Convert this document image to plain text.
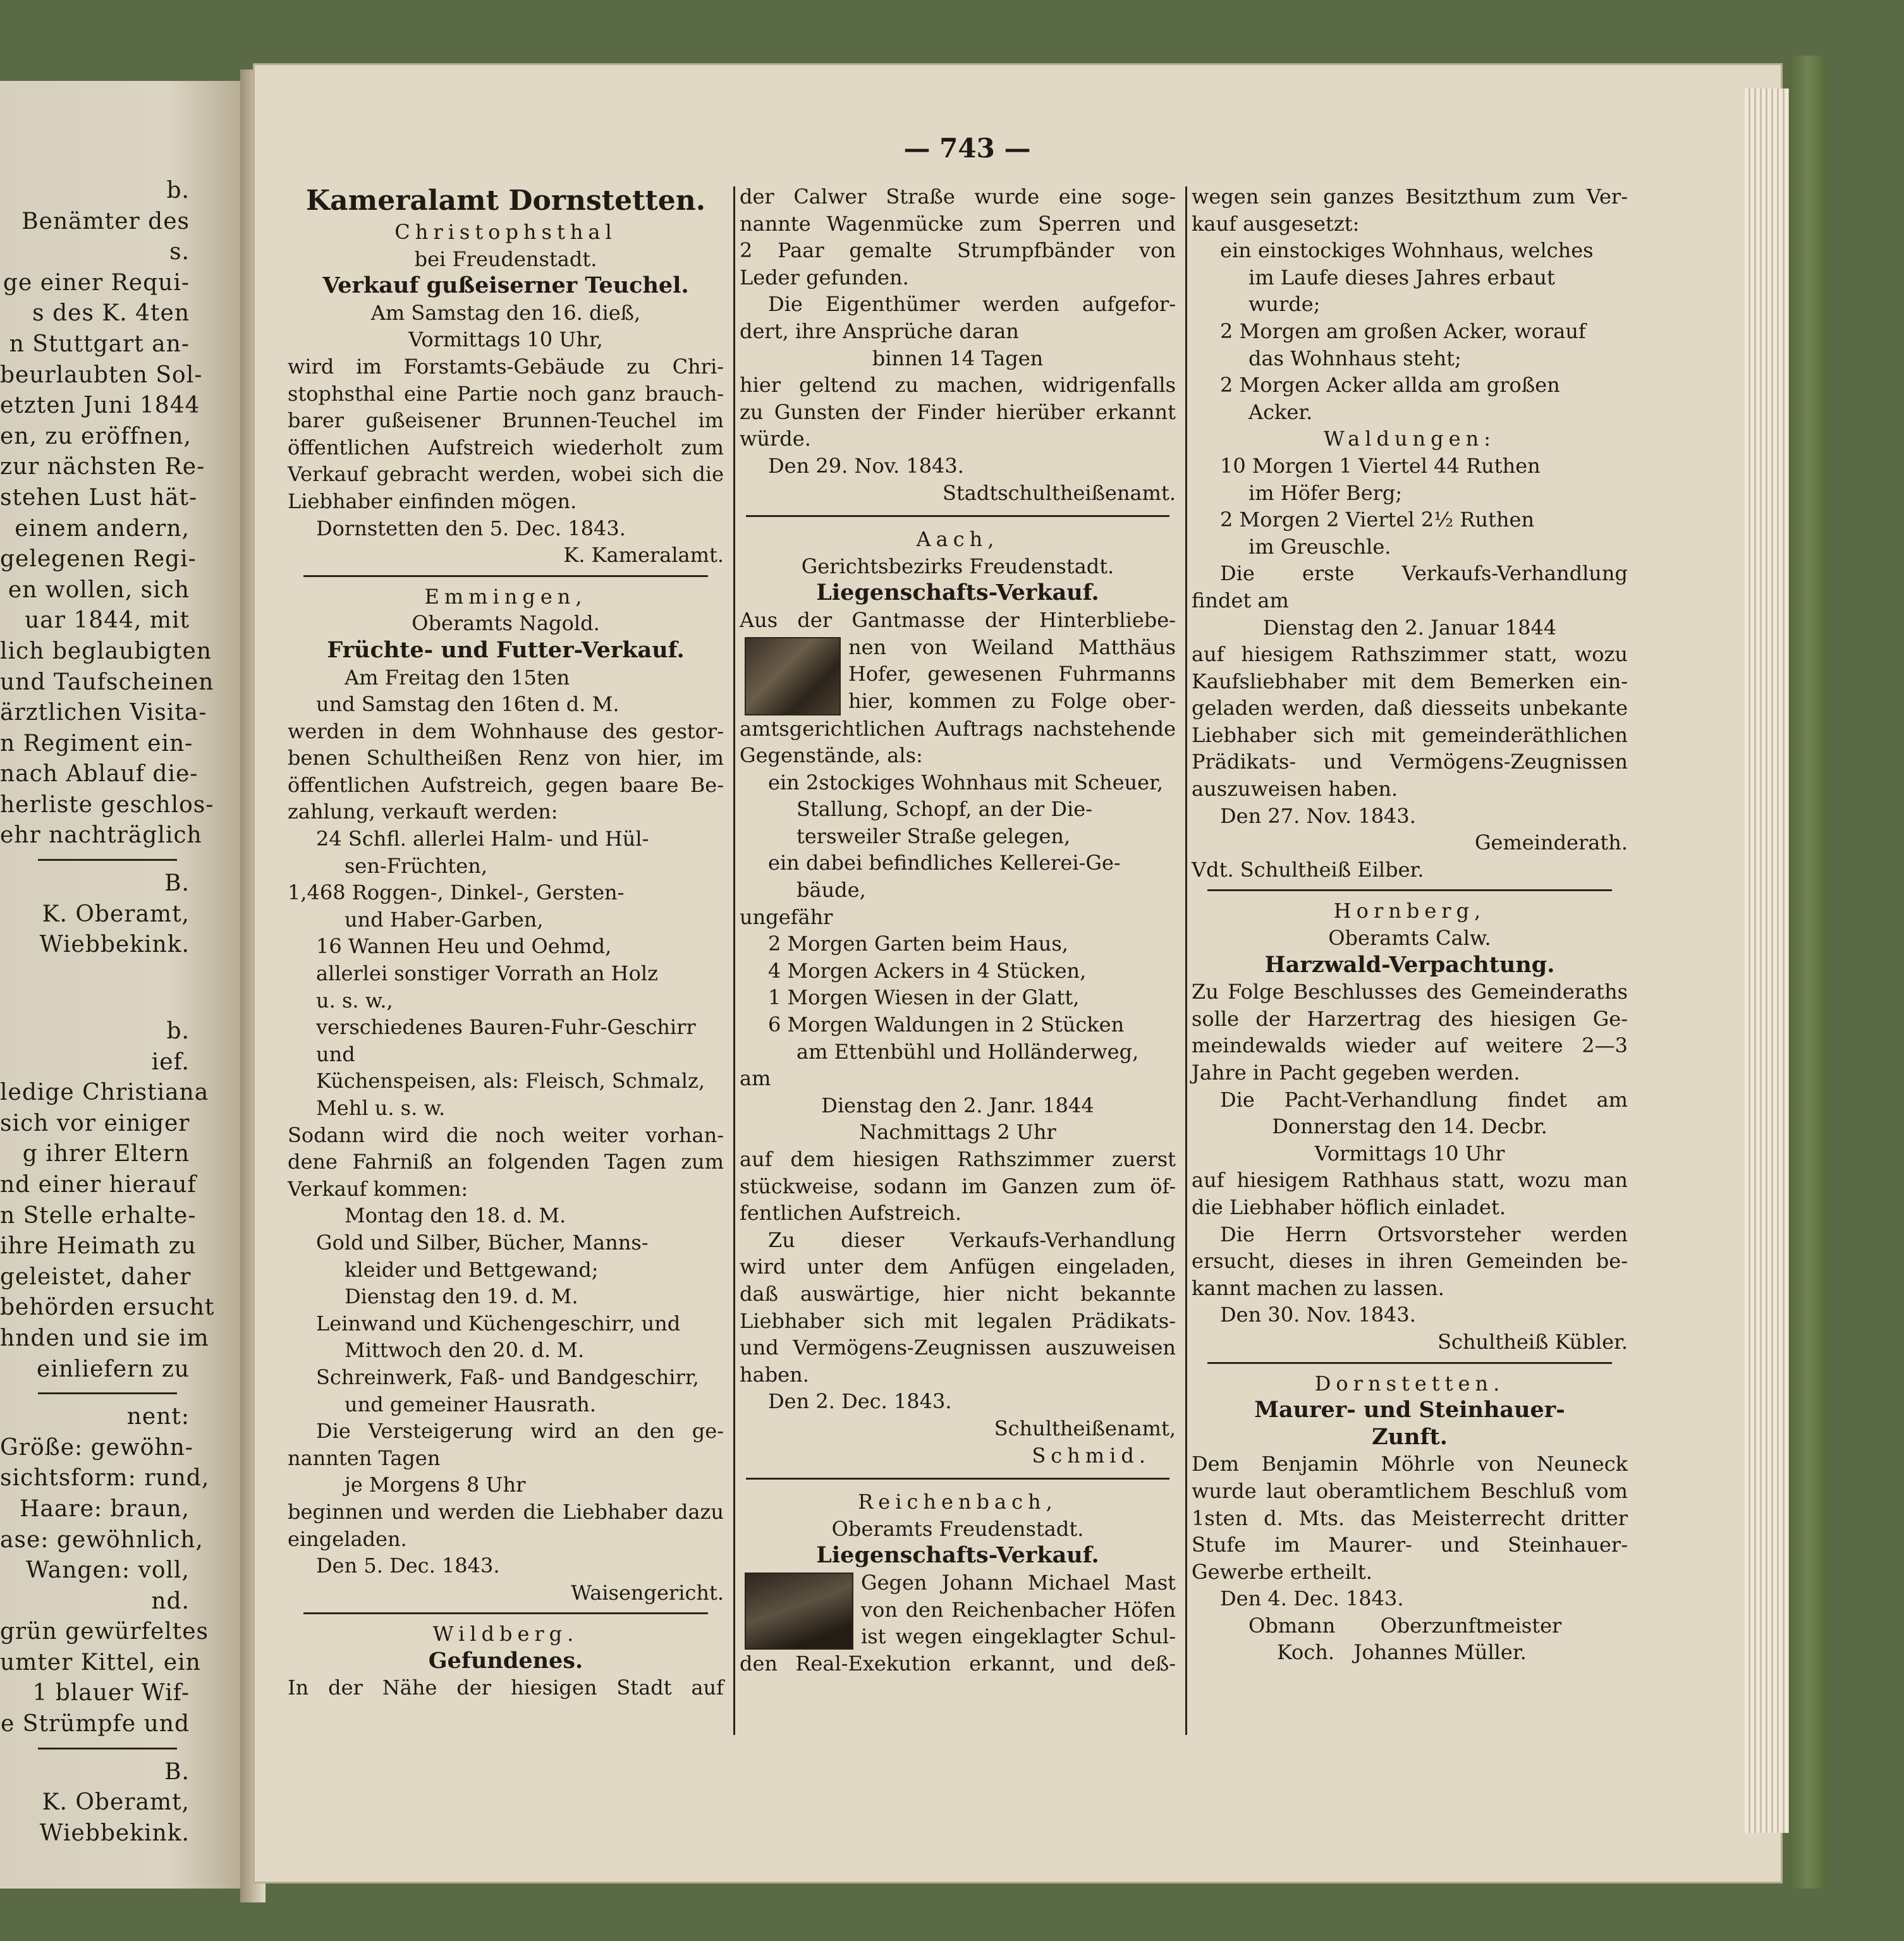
b.
Benämter des
s.
ge einer Requi-
s des K. 4ten
n Stuttgart an-
beurlaubten Sol-
etzten Juni 1844
en, zu eröffnen,
zur nächsten Re-
stehen Lust hät-
einem andern,
gelegenen Regi-
en wollen, sich
uar 1844, mit
lich beglaubigten
und Taufscheinen
ärztlichen Visita-
n Regiment ein-
nach Ablauf die-
herliste geschlos-
ehr nachträglich
B.
K. Oberamt,
Wiebbekink.
b.
ief.
ledige Christiana
sich vor einiger
g ihrer Eltern
nd einer hierauf
n Stelle erhalte-
ihre Heimath zu
geleistet, daher
behörden ersucht
hnden und sie im
einliefern zu
nent:
Größe: gewöhn-
sichtsform: rund,
Haare: braun,
ase: gewöhnlich,
Wangen: voll,
nd.
grün gewürfeltes
umter Kittel, ein
1 blauer Wif-
e Strümpfe und
B.
K. Oberamt,
Wiebbekink.
— 743 —
Kameralamt Dornstetten.
Christophsthal
bei Freudenstadt.
Verkauf gußeiserner Teuchel.
Am Samstag den 16. dieß,
Vormittags 10 Uhr,
wird im Forstamts-Gebäude zu Chri-
stophsthal eine Partie noch ganz brauch-
barer gußeisener Brunnen-Teuchel im
öffentlichen Aufstreich wiederholt zum
Verkauf gebracht werden, wobei sich die
Liebhaber einfinden mögen.
Dornstetten den 5. Dec. 1843.
K. Kameralamt.
Emmingen,
Oberamts Nagold.
Früchte- und Futter-Verkauf.
Am Freitag den 15ten
und Samstag den 16ten d. M.
werden in dem Wohnhause des gestor-
benen Schultheißen Renz von hier, im
öffentlichen Aufstreich, gegen baare Be-
zahlung, verkauft werden:
24 Schfl. allerlei Halm- und Hül-
sen-Früchten,
1,468 Roggen-, Dinkel-, Gersten-
und Haber-Garben,
16 Wannen Heu und Oehmd,
allerlei sonstiger Vorrath an Holz
u. s. w.,
verschiedenes Bauren-Fuhr-Geschirr
und
Küchenspeisen, als: Fleisch, Schmalz,
Mehl u. s. w.
Sodann wird die noch weiter vorhan-
dene Fahrniß an folgenden Tagen zum
Verkauf kommen:
Montag den 18. d. M.
Gold und Silber, Bücher, Manns-
kleider und Bettgewand;
Dienstag den 19. d. M.
Leinwand und Küchengeschirr, und
Mittwoch den 20. d. M.
Schreinwerk, Faß- und Bandgeschirr,
und gemeiner Hausrath.
Die Versteigerung wird an den ge-
nannten Tagen
je Morgens 8 Uhr
beginnen und werden die Liebhaber dazu
eingeladen.
Den 5. Dec. 1843.
Waisengericht.
Wildberg.
Gefundenes.
In der Nähe der hiesigen Stadt auf
der Calwer Straße wurde eine soge-
nannte Wagenmücke zum Sperren und
2 Paar gemalte Strumpfbänder von
Leder gefunden.
Die Eigenthümer werden aufgefor-
dert, ihre Ansprüche daran
binnen 14 Tagen
hier geltend zu machen, widrigenfalls
zu Gunsten der Finder hierüber erkannt
würde.
Den 29. Nov. 1843.
Stadtschultheißenamt.
Aach,
Gerichtsbezirks Freudenstadt.
Liegenschafts-Verkauf.
Aus der Gantmasse der Hinterbliebe-
nen von Weiland Matthäus
Hofer, gewesenen Fuhrmanns
hier, kommen zu Folge ober-
amtsgerichtlichen Auftrags nachstehende
Gegenstände, als:
ein 2stockiges Wohnhaus mit Scheuer,
Stallung, Schopf, an der Die-
tersweiler Straße gelegen,
ein dabei befindliches Kellerei-Ge-
bäude,
ungefähr
2 Morgen Garten beim Haus,
4 Morgen Ackers in 4 Stücken,
1 Morgen Wiesen in der Glatt,
6 Morgen Waldungen in 2 Stücken
am Ettenbühl und Holländerweg,
am
Dienstag den 2. Janr. 1844
Nachmittags 2 Uhr
auf dem hiesigen Rathszimmer zuerst
stückweise, sodann im Ganzen zum öf-
fentlichen Aufstreich.
Zu dieser Verkaufs-Verhandlung
wird unter dem Anfügen eingeladen,
daß auswärtige, hier nicht bekannte
Liebhaber sich mit legalen Prädikats-
und Vermögens-Zeugnissen auszuweisen
haben.
Den 2. Dec. 1843.
Schultheißenamt,
Schmid.
Reichenbach,
Oberamts Freudenstadt.
Liegenschafts-Verkauf.
Gegen Johann Michael Mast
von den Reichenbacher Höfen
ist wegen eingeklagter Schul-
den Real-Exekution erkannt, und deß-
wegen sein ganzes Besitzthum zum Ver-
kauf ausgesetzt:
ein einstockiges Wohnhaus, welches
im Laufe dieses Jahres erbaut
wurde;
2 Morgen am großen Acker, worauf
das Wohnhaus steht;
2 Morgen Acker allda am großen
Acker.
Waldungen:
10 Morgen 1 Viertel 44 Ruthen
im Höfer Berg;
2 Morgen 2 Viertel 2½ Ruthen
im Greuschle.
Die erste Verkaufs-Verhandlung
findet am
Dienstag den 2. Januar 1844
auf hiesigem Rathszimmer statt, wozu
Kaufsliebhaber mit dem Bemerken ein-
geladen werden, daß diesseits unbekante
Liebhaber sich mit gemeinderäthlichen
Prädikats- und Vermögens-Zeugnissen
auszuweisen haben.
Den 27. Nov. 1843.
Gemeinderath.
Vdt. Schultheiß Eilber.
Hornberg,
Oberamts Calw.
Harzwald-Verpachtung.
Zu Folge Beschlusses des Gemeinderaths
solle der Harzertrag des hiesigen Ge-
meindewalds wieder auf weitere 2—3
Jahre in Pacht gegeben werden.
Die Pacht-Verhandlung findet am
Donnerstag den 14. Decbr.
Vormittags 10 Uhr
auf hiesigem Rathhaus statt, wozu man
die Liebhaber höflich einladet.
Die Herrn Ortsvorsteher werden
ersucht, dieses in ihren Gemeinden be-
kannt machen zu lassen.
Den 30. Nov. 1843.
Schultheiß Kübler.
Dornstetten.
Maurer- und Steinhauer-
Zunft.
Dem Benjamin Möhrle von Neuneck
wurde laut oberamtlichem Beschluß vom
1sten d. Mts. das Meisterrecht dritter
Stufe im Maurer- und Steinhauer-
Gewerbe ertheilt.
Den 4. Dec. 1843.
Obmann       Oberzunftmeister
Koch.   Johannes Müller.
